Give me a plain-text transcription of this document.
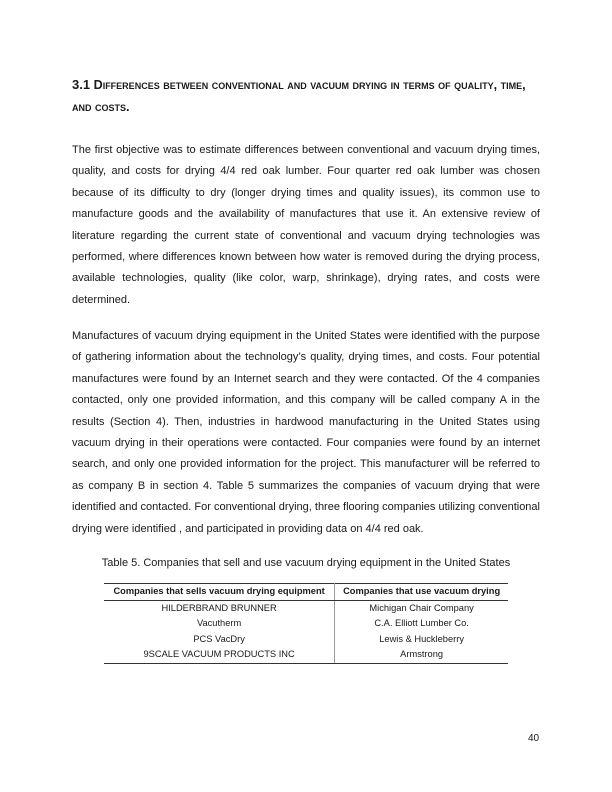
3.1 Differences between conventional and vacuum drying in terms of quality, time, and costs.

The first objective was to estimate differences between conventional and vacuum drying times, quality, and costs for drying 4/4 red oak lumber. Four quarter red oak lumber was chosen because of its difficulty to dry (longer drying times and quality issues), its common use to manufacture goods and the availability of manufactures that use it. An extensive review of literature regarding the current state of conventional and vacuum drying technologies was performed, where differences known between how water is removed during the drying process, available technologies, quality (like color, warp, shrinkage), drying rates, and costs were determined.

Manufactures of vacuum drying equipment in the United States were identified with the purpose of gathering information about the technology’s quality, drying times, and costs. Four potential manufactures were found by an Internet search and they were contacted. Of the 4 companies contacted, only one provided information, and this company will be called company A in the results (Section 4). Then, industries in hardwood manufacturing in the United States using vacuum drying in their operations were contacted. Four companies were found by an internet search, and only one provided information for the project. This manufacturer will be referred to as company B in section 4. Table 5 summarizes the companies of vacuum drying that were identified and contacted. For conventional drying, three flooring companies utilizing conventional drying were identified , and participated in providing data on 4/4 red oak.

Table 5. Companies that sell and use vacuum drying equipment in the United States
Companies that sells vacuum drying equipment	Companies that use vacuum drying
HILDERBRAND BRUNNER	Michigan Chair Company
Vacutherm	C.A. Elliott Lumber Co.
PCS VacDry	Lewis & Huckleberry
9SCALE VACUUM PRODUCTS INC	Armstrong
40
